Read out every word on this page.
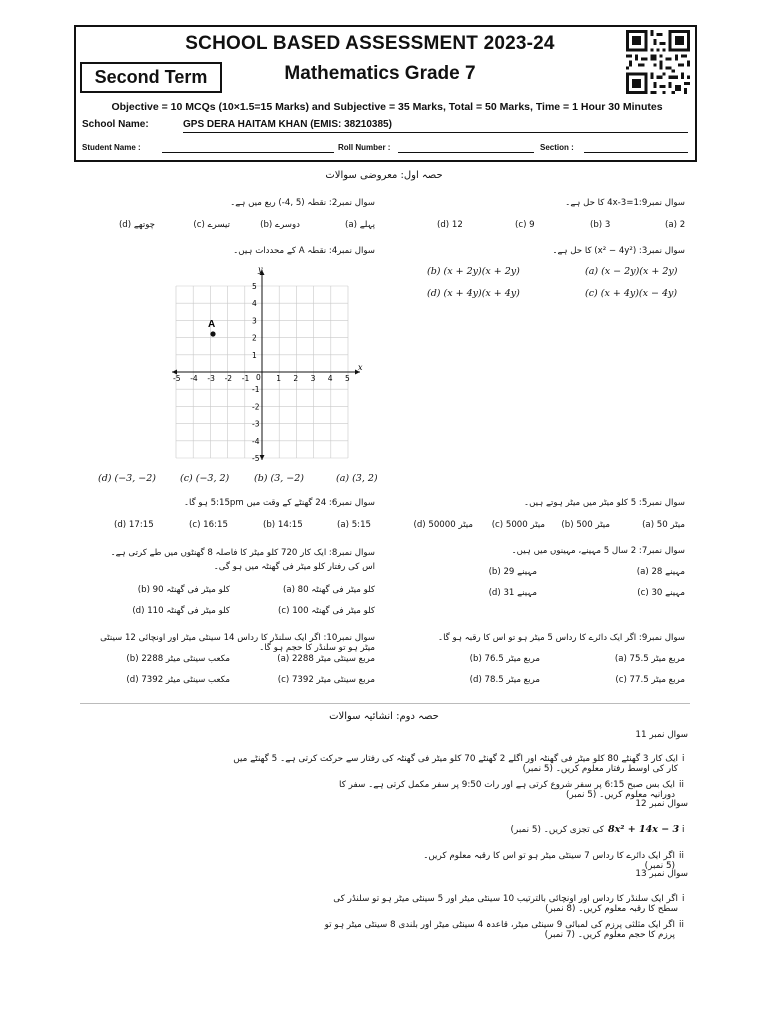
SCHOOL BASED ASSESSMENT 2023-24
Mathematics Grade 7
Second Term
Objective = 10 MCQs (10×1.5=15 Marks) and Subjective = 35 Marks, Total = 50 Marks, Time = 1 Hour 30 Minutes
School Name:	GPS DERA HAITAM KHAN (EMIS: 38210385)
Student Name :	Roll Number :	Section :
حصہ اول: معروضی سوالات
سوال نمبر1:9=4x-3 کا حل ہے۔
(a) 2
(b) 3
(c) 9
(d) 12
سوال نمبر2: نقطہ (5 ,4-) ربع میں ہے۔
(a) پہلے
(b) دوسرے
(c) تیسرے
(d) چوتھے
سوال نمبر3: (x² − 4y²) کا حل ہے۔
(a) (x − 2y)(x + 2y)
(b) (x + 2y)(x + 2y)
(c) (x + 4y)(x − 4y)
(d) (x + 4y)(x + 4y)
سوال نمبر4: نقطہ A کے محددات ہیں۔
x
y
0
-5 -4 -3 -2 -1	1 2 3 4 5
5
4
3
2
1
-1
-2
-3
-4
-5
A
(a) (3, 2)
(b) (3, −2)
(c) (−3, 2)
(d) (−3, −2)
سوال نمبر5: 5 کلو میٹر میں میٹر ہوتے ہیں۔
(a) 50 میٹر
(b) 500 میٹر
(c) 5000 میٹر
(d) 50000 میٹر
سوال نمبر6: 24 گھنٹے کے وقت میں 5:15pm ہو گا۔
(a) 5:15
(b) 14:15
(c) 16:15
(d) 17:15
سوال نمبر7: 2 سال 5 مہینے، مہینوں میں ہیں۔
(a) 28 مہینے
(b) 29 مہینے
(c) 30 مہینے
(d) 31 مہینے
سوال نمبر8: ایک کار 720 کلو میٹر کا فاصلہ 8 گھنٹوں میں طے کرتی ہے۔ اس کی رفتار کلو میٹر فی گھنٹہ میں ہو گی۔
(a) 80 کلو میٹر فی گھنٹہ
(b) 90 کلو میٹر فی گھنٹہ
(c) 100 کلو میٹر فی گھنٹہ
(d) 110 کلو میٹر فی گھنٹہ
سوال نمبر9: اگر ایک دائرے کا رداس 5 میٹر ہو تو اس کا رقبہ ہو گا۔
(a) 75.5 مربع میٹر
(b) 76.5 مربع میٹر
(c) 77.5 مربع میٹر
(d) 78.5 مربع میٹر
سوال نمبر10: اگر ایک سلنڈر کا رداس 14 سینٹی میٹر اور اونچائی 12 سینٹی میٹر ہو تو سلنڈر کا حجم ہو گا۔
(a) 2288 مربع سینٹی میٹر
(b) 2288 مکعب سینٹی میٹر
(c) 7392 مربع سینٹی میٹر
(d) 7392 مکعب سینٹی میٹر
حصہ دوم: انشائیہ سوالات
سوال نمبر 11
i
ایک کار 3 گھنٹے 80 کلو میٹر فی گھنٹہ اور اگلے 2 گھنٹے 70 کلو میٹر فی گھنٹہ کی رفتار سے حرکت کرتی ہے۔ 5 گھنٹے میں کار کی اوسط رفتار معلوم کریں۔ (5 نمبر)
ii
ایک بس صبح 6:15 پر سفر شروع کرتی ہے اور رات 9:50 پر سفر مکمل کرتی ہے۔ سفر کا دورانیہ معلوم کریں۔ (5 نمبر)
سوال نمبر 12
i
8x² + 14x − 3
کی تجزی کریں۔ (5 نمبر)
ii
اگر ایک دائرے کا رداس 7 سینٹی میٹر ہو تو اس کا رقبہ معلوم کریں۔ (5 نمبر)
سوال نمبر 13
i
اگر ایک سلنڈر کا رداس اور اونچائی بالترتیب 10 سینٹی میٹر اور 5 سینٹی میٹر ہو تو سلنڈر کی سطح کا رقبہ معلوم کریں۔ (8 نمبر)
ii
اگر ایک مثلثی پرزم کی لمبائی 9 سینٹی میٹر، قاعدہ 4 سینٹی میٹر اور بلندی 8 سینٹی میٹر ہو تو پرزم کا حجم معلوم کریں۔ (7 نمبر)
